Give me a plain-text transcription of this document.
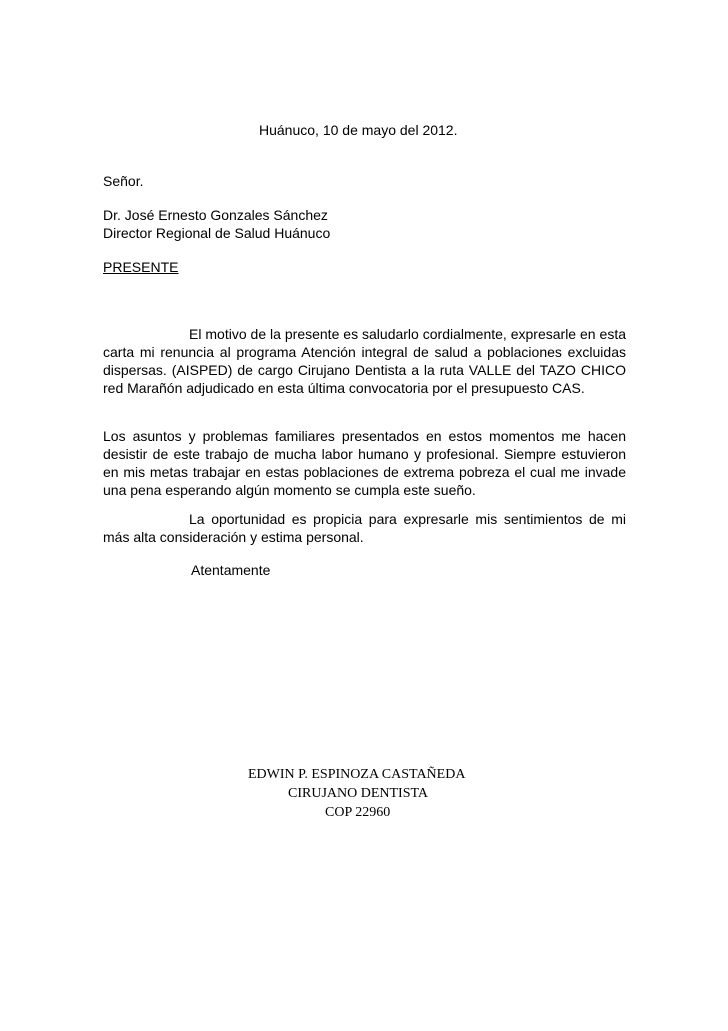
Huánuco, 10 de mayo del 2012.
Señor.
Dr. José Ernesto Gonzales Sánchez
Director Regional de Salud Huánuco
PRESENTE

El motivo de la presente es saludarlo cordialmente, expresarle en esta carta mi renuncia al programa Atención integral de salud a poblaciones excluidas dispersas. (AISPED) de cargo Cirujano Dentista a la ruta VALLE del TAZO CHICO red Marañón adjudicado en esta última convocatoria por el presupuesto CAS.

Los asuntos y problemas familiares presentados en estos momentos me hacen desistir de este trabajo de mucha labor humano y profesional. Siempre estuvieron en mis metas trabajar en estas poblaciones de extrema pobreza el cual me invade una pena esperando algún momento se cumpla este sueño.

La oportunidad es propicia para expresarle mis sentimientos de mi más alta consideración y estima personal.

Atentamente
EDWIN P. ESPINOZA CASTAÑEDA
CIRUJANO DENTISTA
COP 22960
